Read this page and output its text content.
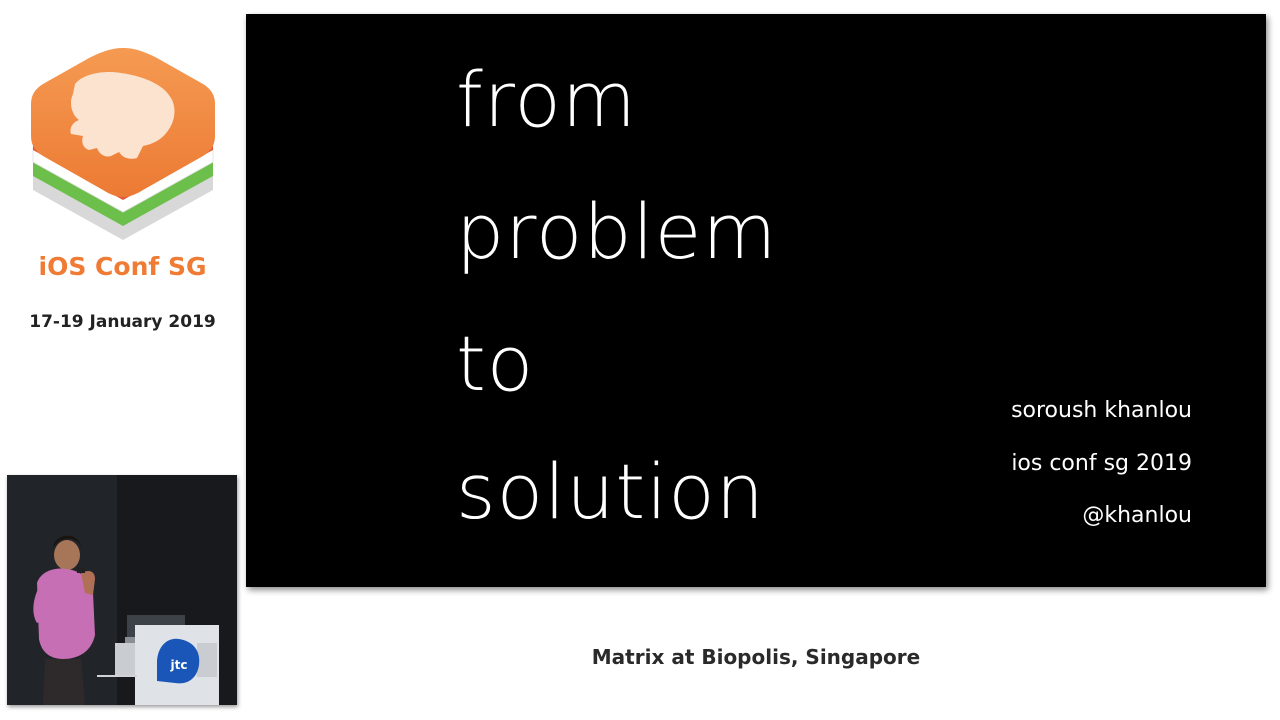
iOS Conf SG
17-19 January 2019
from
problem
to
solution
soroush khanlou
ios conf sg 2019
@khanlou
jtc	Matrix at Biopolis, Singapore
